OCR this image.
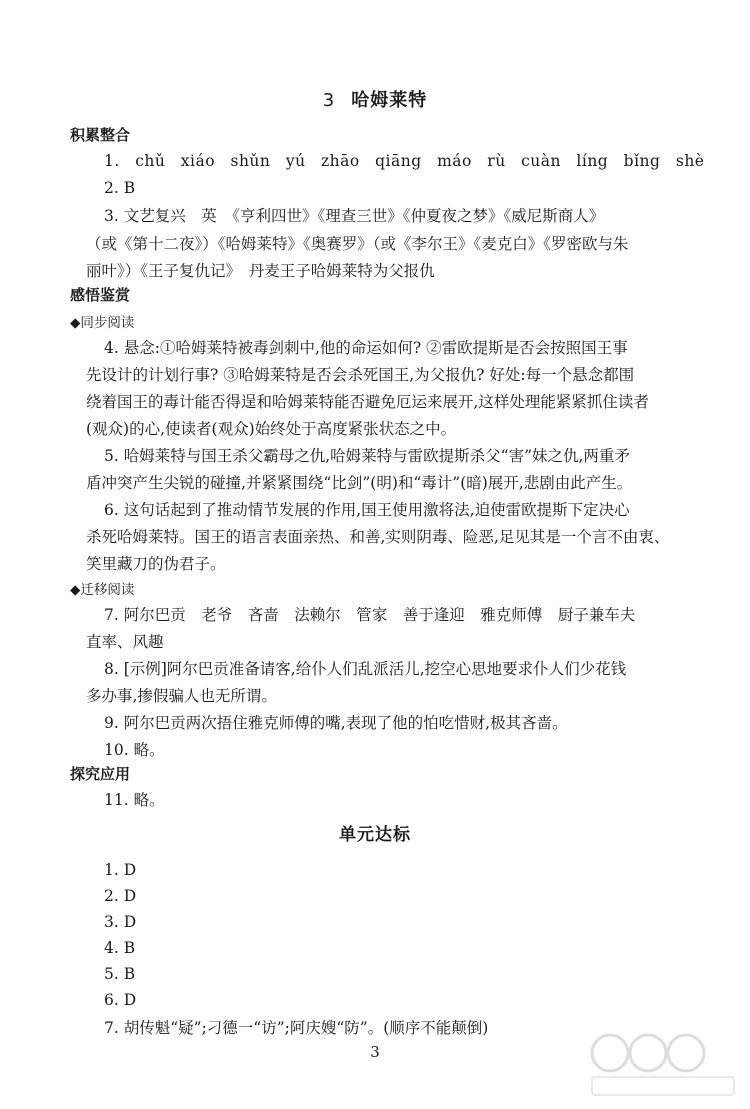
3 哈姆莱特
积累整合
1. chǔ xiáo shǔn yú zhāo qiāng máo rù cuàn líng bǐng shè
2. B
3. 文艺复兴　英　《亨利四世》《理查三世》《仲夏夜之梦》《威尼斯商人》
（或《第十二夜》）《哈姆莱特》《奥赛罗》（或《李尔王》《麦克白》《罗密欧与朱
丽叶》）《王子复仇记》　丹麦王子哈姆莱特为父报仇
感悟鉴赏
◆同步阅读
4. 悬念:①哈姆莱特被毒剑刺中,他的命运如何? ②雷欧提斯是否会按照国王事
先设计的计划行事? ③哈姆莱特是否会杀死国王,为父报仇? 好处:每一个悬念都围
绕着国王的毒计能否得逞和哈姆莱特能否避免厄运来展开,这样处理能紧紧抓住读者
(观众)的心,使读者(观众)始终处于高度紧张状态之中。
5. 哈姆莱特与国王杀父霸母之仇,哈姆莱特与雷欧提斯杀父“害”妹之仇,两重矛
盾冲突产生尖锐的碰撞,并紧紧围绕“比剑”(明)和“毒计”(暗)展开,悲剧由此产生。
6. 这句话起到了推动情节发展的作用,国王使用激将法,迫使雷欧提斯下定决心
杀死哈姆莱特。国王的语言表面亲热、和善,实则阴毒、险恶,足见其是一个言不由衷、
笑里藏刀的伪君子。
◆迁移阅读
7. 阿尔巴贡　老爷　吝啬　法赖尔　管家　善于逢迎　雅克师傅　厨子兼车夫
直率、风趣
8. [示例]阿尔巴贡准备请客,给仆人们乱派活儿,挖空心思地要求仆人们少花钱
多办事,掺假骗人也无所谓。
9. 阿尔巴贡两次捂住雅克师傅的嘴,表现了他的怕吃惜财,极其吝啬。
10. 略。
探究应用
11. 略。
单元达标
1. D
2. D
3. D
4. B
5. B
6. D
7. 胡传魁“疑”;刁德一“访”;阿庆嫂“防”。(顺序不能颠倒)
3
